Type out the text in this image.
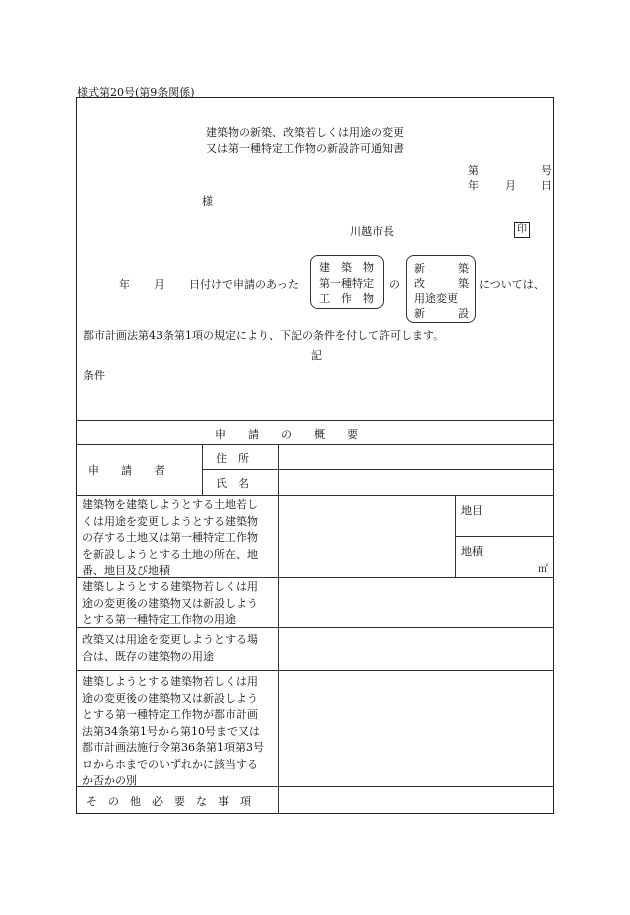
様式第20号(第9条関係)
建築物の新築、改築若しくは用途の変更
又は第一種特定工作物の新設許可通知書
第	号
年 月 日
様
川越市長	印
年 月 日付けで申請のあった
建　築　物
第一種特定
工　作　物
の
新　　　築
改　　　築
用途変更
新　　　設
については、
都市計画法第43条第1項の規定により、下記の条件を付して許可します。
記
条件
申　　請　　の　　概　　要
申　　請　　者
住　所
氏　名
建築物を建築しようとする土地若し
くは用途を変更しようとする建築物
の存する土地又は第一種特定工作物
を新設しようとする土地の所在、地
番、地目及び地積
地目
地積
㎡
建築しようとする建築物若しくは用
途の変更後の建築物又は新設しよう
とする第一種特定工作物の用途
改築又は用途を変更しようとする場
合は、既存の建築物の用途
建築しようとする建築物若しくは用
途の変更後の建築物又は新設しよう
とする第一種特定工作物が都市計画
法第34条第1号から第10号まで又は
都市計画法施行令第36条第1項第3号
ロからホまでのいずれかに該当する
か否かの別
そ　の　他　必　要　な　事　項
